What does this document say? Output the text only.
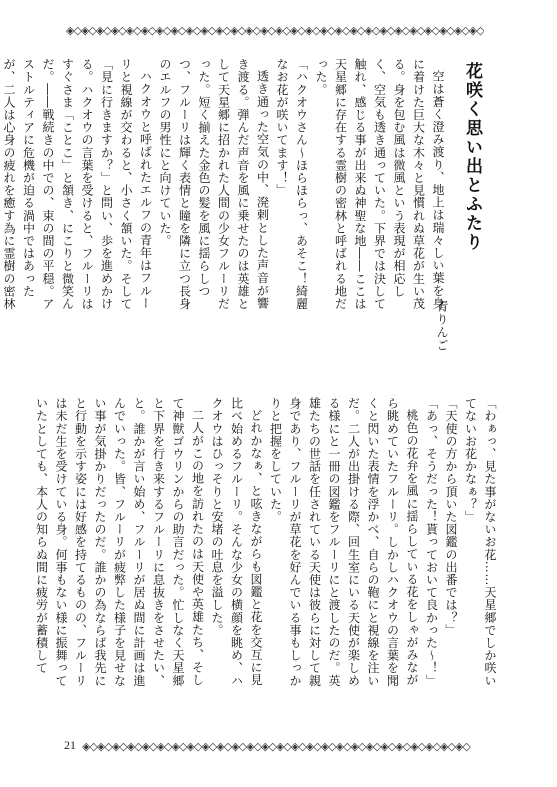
◈◇◈◇◈◇◈◇◈◇◈◇◈◇◈◇◈◇◈◇◈◇◈◇◈◇◈◇◈◇◈◇◈◇◈◇◈◇◈◇◈◇◈◇◈◇◈◇◈◇◈◇◈◇◈◇
花咲く思い出とふたり
青りんご

空は蒼く澄み渡り、地上は瑞々しい葉を身に着けた巨大な木々と見慣れぬ草花が生い茂る。身を包む風は微風という表現が相応しく、空気も透き通っていた。下界では決して触れ、感じる事が出来ぬ神聖な地――ここは天星郷に存在する霊樹の密林と呼ばれる地だった。

「ハクオウさん～ほらほらっ、あそこ！綺麗なお花が咲いてます！」

透き通った空気の中、溌剌とした声音が響き渡る。弾んだ声音を風に乗せたのは英雄として天星郷に招かれた人間の少女フルーリだった。短く揃えた金色の髪を風に揺らしつつ、フルーリは輝く表情と瞳を隣に立つ長身のエルフの男性にと向けていた。

ハクオウと呼ばれたエルフの青年はフルーリと視線が交わると、小さく頷いた。そして「見に行きますか？」と問い、歩を進めかける。ハクオウの言葉を受けると、フルーリはすぐさま「ことこ」と頷き、にこりと微笑んだ。――戦続きの中での、束の間の平穏。アストルティアに危機が迫る渦中ではあったが、二人は心身の疲れを癒す為に霊樹の密林

「わぁっ、見た事がないお花……天星郷でしか咲いてないお花かなぁ？」

「天使の方から頂いた図鑑の出番では？」

「あっ、そうだった！貰っておいて良かった～！」

桃色の花弁を風に揺らしている花をしゃがみながら眺めていたフルーリ。しかしハクオウの言葉を聞くと閃いた表情を浮かべ、自らの鞄にと視線を注いだ。二人が出掛ける際、回生室にいる天使が楽しめる様にと一冊の図鑑をフルーリにと渡したのだ。英雄たちの世話を任されている天使は彼らに対して親身であり、フルーリが草花を好んでいる事もしっかりと把握をしていた。

どれかなぁ、と呟きながらも図鑑と花を交互に見比べ始めるフルーリ。そんな少女の横顔を眺め、ハクオウはひっそりと安堵の吐息を溢した。

二人がこの地を訪れたのは天使や英雄たち、そして神獣ゴウリンからの助言だった。忙しなく天星郷と下界を行き来するフルーリに息抜きをさせたい、と。誰かが言い始め、フルーリが居ぬ間に計画は進んでいった。皆、フルーリが疲弊した様子を見せない事が気掛かりだったのだ。誰かの為ならば我先にと行動を示す姿には好感を持てるものの、フルーリは未だ生を受けている身。何事もない様に振舞っていたとしても、本人の知らぬ間に疲労が蓄積して

21 ◈◇◈◇◈◇◈◇◈◇◈◇◈◇◈◇◈◇◈◇◈◇◈◇◈◇◈◇◈◇◈◇◈◇◈◇◈◇◈◇◈◇◈◇◈◇◈◇◈◇◈◇
